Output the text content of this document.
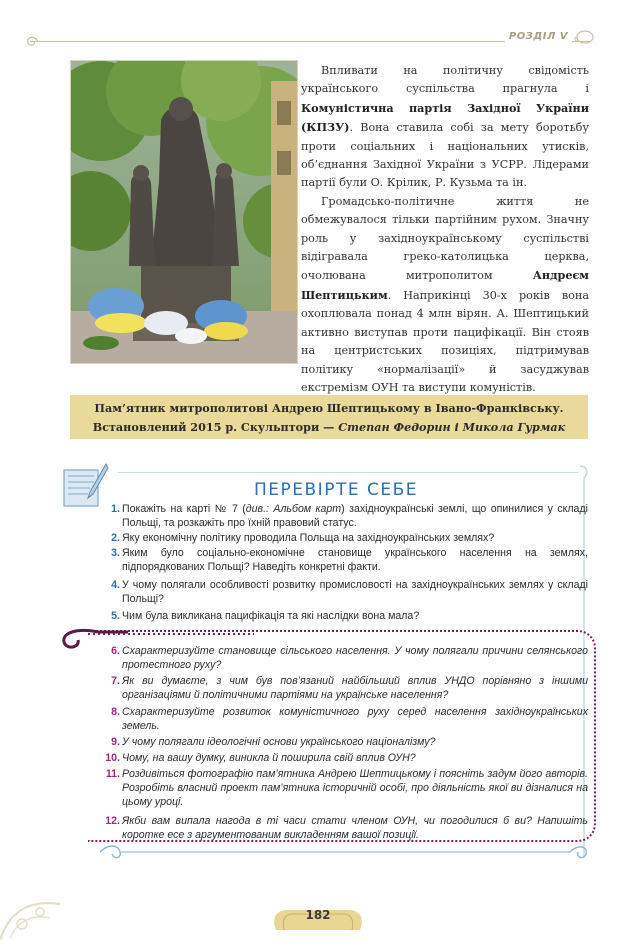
РОЗДІЛ V

Впливати на політичну свідомість українського суспільства прагнула і Комуністична партія Західної України (КПЗУ). Вона ставила собі за мету боротьбу проти соціальних і національних утисків, об’єднання Західної України з УСРР. Лідерами партії були О. Крілик, Р. Кузьма та ін.

Громадсько-політичне життя не обмежувалося тільки партійним рухом. Значну роль у західноукраїнському суспільстві відігравала греко-католицька церква, очолювана митрополитом Андреєм Шептицьким. Наприкінці 30-х років вона охоплювала понад 4 млн вірян. А. Шептицький активно виступав проти пацифікації. Він стояв на центристських позиціях, підтримував політику «нормалізації» й засуджував екстремізм ОУН та виступи комуністів.

Пам’ятник митрополитові Андрею Шептицькому в Івано-Франківську.
Встановлений 2015 р. Скульптори — Степан Федорин і Микола Гурмак
ПЕРЕВІРТЕ СЕБЕ
1. Покажіть на карті № 7 (див.: Альбом карт) західноукраїнські землі, що опинилися у складі Польщі, та розкажіть про їхній правовий статус.
2. Яку економічну політику проводила Польща на західноукраїнських землях?
3. Яким було соціально-економічне становище українського населення на землях, підпорядкованих Польщі? Наведіть конкретні факти.
4. У чому полягали особливості розвитку промисловості на західноукраїнських землях у складі Польщі?
5. Чим була викликана пацифікація та які наслідки вона мала?
6. Схарактеризуйте становище сільського населення. У чому полягали причини селянського протестного руху?
7. Як ви думаєте, з чим був пов’язаний найбільший вплив УНДО порівняно з іншими організаціями й політичними партіями на українське населення?
8. Схарактеризуйте розвиток комуністичного руху серед населення західноукраїнських земель.
9. У чому полягали ідеологічні основи українського націоналізму?
10. Чому, на вашу думку, виникла й поширила свій вплив ОУН?
11. Роздивіться фотографію пам’ятника Андрею Шептицькому і поясніть задум його авторів. Розробіть власний проект пам’ятника історичній особі, про діяльність якої ви дізналися на цьому уроці.
12. Якби вам випала нагода в ті часи стати членом ОУН, чи погодилися б ви? Напишіть коротке есе з аргументованим викладенням вашої позиції.
182
